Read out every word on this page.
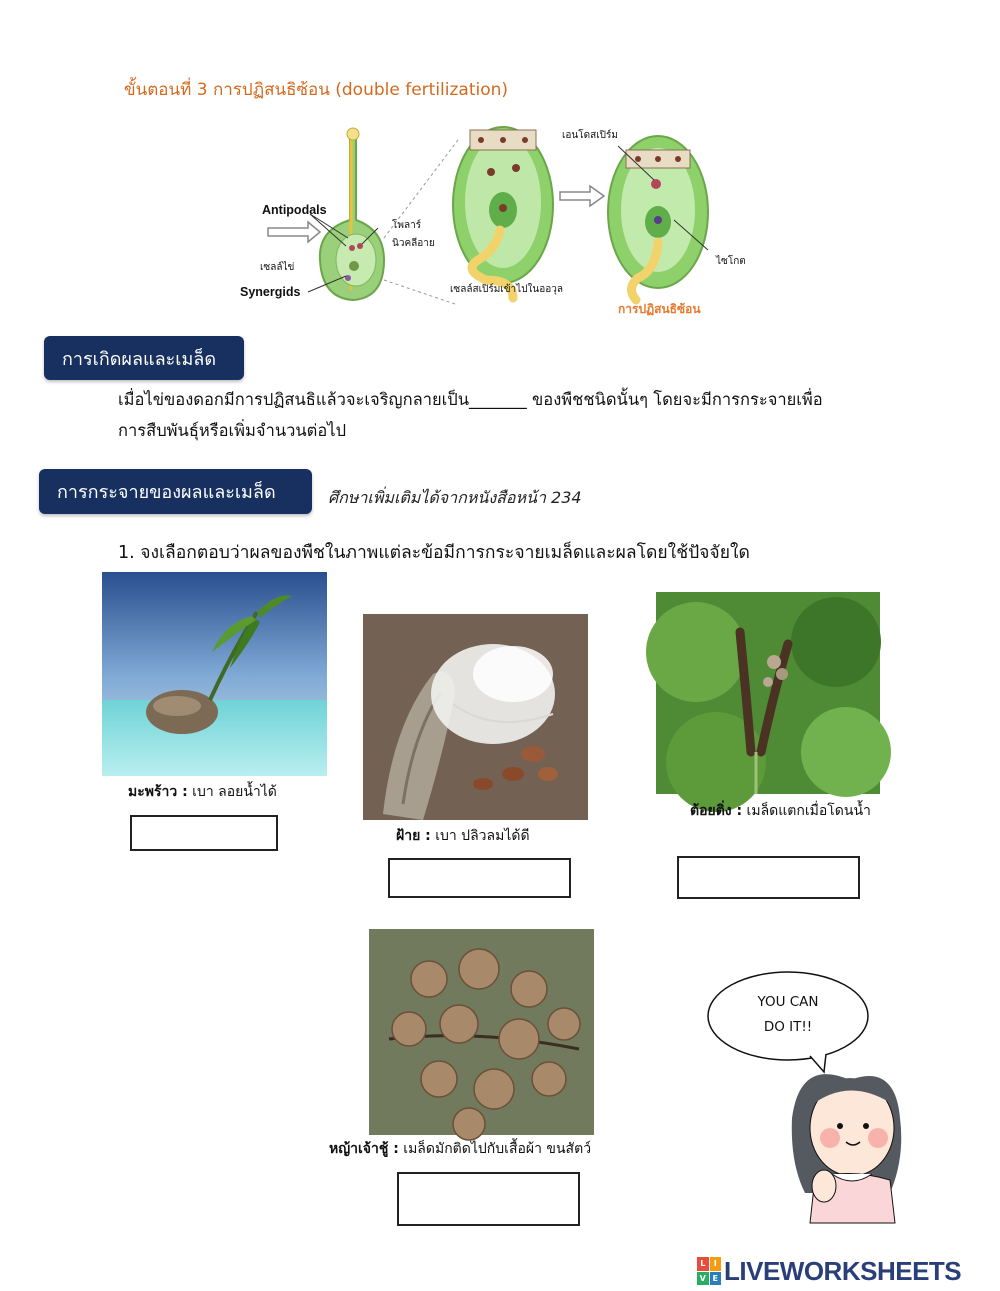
ขั้นตอนที่ 3 การปฏิสนธิซ้อน (double fertilization)
Antipodals
โพลาร์
นิวคลีอาย
เซลล์ไข่
Synergids	เซลล์สเปิร์มเข้าไปในออวุล
เอนโดสเปิร์ม
ไซโกต
การปฏิสนธิซ้อน
การเกิดผลและเมล็ด
เมื่อไข่ของดอกมีการปฏิสนธิแล้วจะเจริญกลายเป็น_______ ของพืชชนิดนั้นๆ โดยจะมีการกระจายเพื่อ
การสืบพันธุ์หรือเพิ่มจำนวนต่อไป
การกระจายของผลและเมล็ด	ศึกษาเพิ่มเติมได้จากหนังสือหน้า 234
1. จงเลือกตอบว่าผลของพืชในภาพแต่ละข้อมีการกระจายเมล็ดและผลโดยใช้ปัจจัยใด
มะพร้าว : เบา ลอยน้ำได้
ฝ้าย : เบา ปลิวลมได้ดี
ต้อยติ่ง : เมล็ดแตกเมื่อโดนน้ำ
หญ้าเจ้าชู้ : เมล็ดมักติดไปกับเสื้อผ้า ขนสัตว์
YOU CAN
DO IT!!
L	I
V E LIVEWORKSHEETS
